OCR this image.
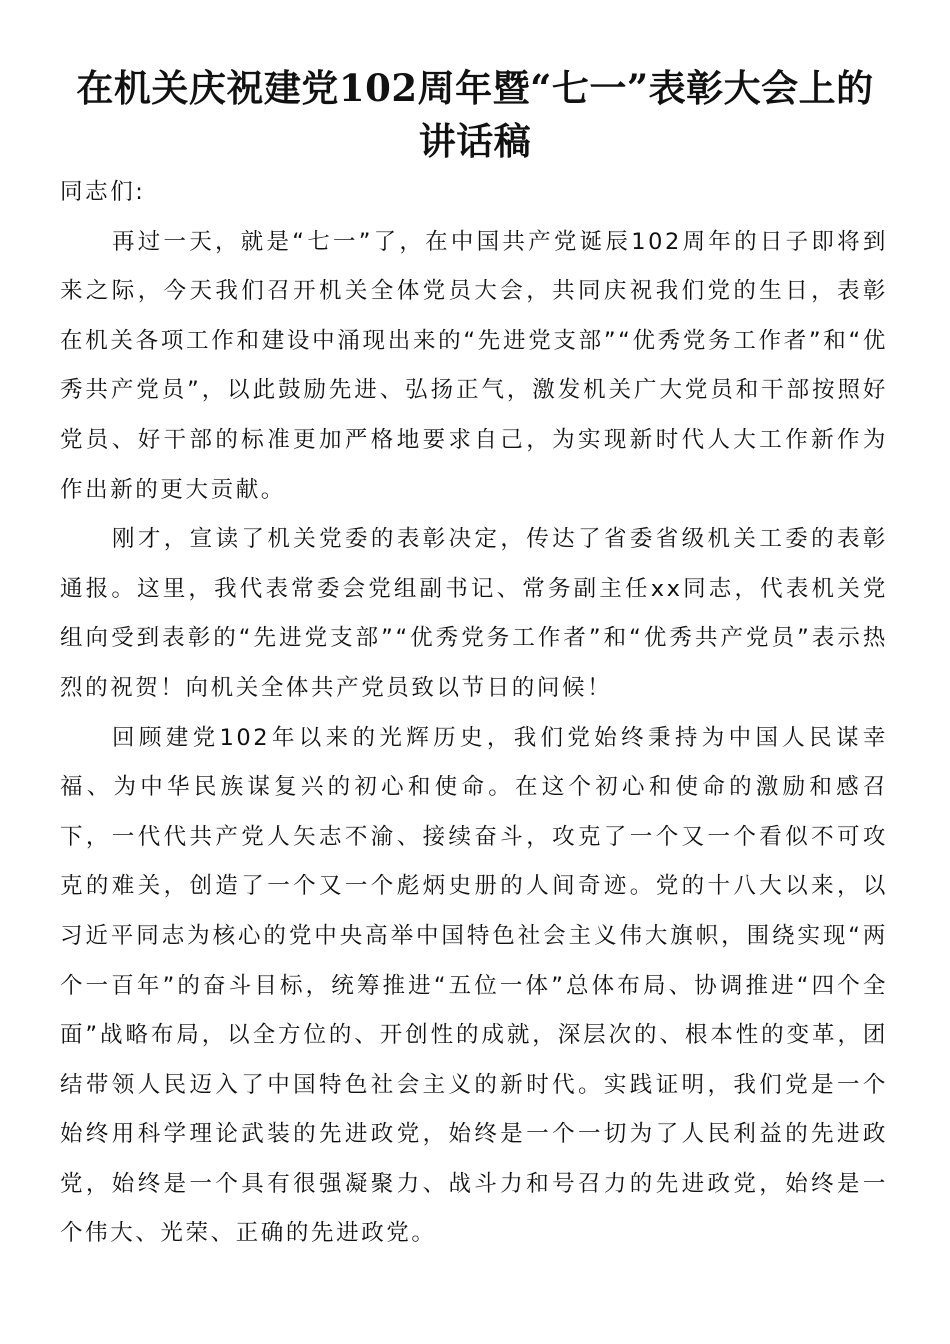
在机关庆祝建党102周年暨“七一”表彰大会上的讲话稿

同志们:

再过一天，就是“七一”了，在中国共产党诞辰102周年的日子即将到来之际，今天我们召开机关全体党员大会，共同庆祝我们党的生日，表彰在机关各项工作和建设中涌现出来的“先进党支部”“优秀党务工作者”和“优秀共产党员”，以此鼓励先进、弘扬正气，激发机关广大党员和干部按照好党员、好干部的标准更加严格地要求自己，为实现新时代人大工作新作为作出新的更大贡献。

刚才，宣读了机关党委的表彰决定，传达了省委省级机关工委的表彰通报。这里，我代表常委会党组副书记、常务副主任xx同志，代表机关党组向受到表彰的“先进党支部”“优秀党务工作者”和“优秀共产党员”表示热烈的祝贺！向机关全体共产党员致以节日的问候！

回顾建党102年以来的光辉历史，我们党始终秉持为中国人民谋幸福、为中华民族谋复兴的初心和使命。在这个初心和使命的激励和感召下，一代代共产党人矢志不渝、接续奋斗，攻克了一个又一个看似不可攻克的难关，创造了一个又一个彪炳史册的人间奇迹。党的十八大以来，以习近平同志为核心的党中央高举中国特色社会主义伟大旗帜，围绕实现“两个一百年”的奋斗目标，统筹推进“五位一体”总体布局、协调推进“四个全面”战略布局，以全方位的、开创性的成就，深层次的、根本性的变革，团结带领人民迈入了中国特色社会主义的新时代。实践证明，我们党是一个始终用科学理论武装的先进政党，始终是一个一切为了人民利益的先进政党，始终是一个具有很强凝聚力、战斗力和号召力的先进政党，始终是一个伟大、光荣、正确的先进政党。
